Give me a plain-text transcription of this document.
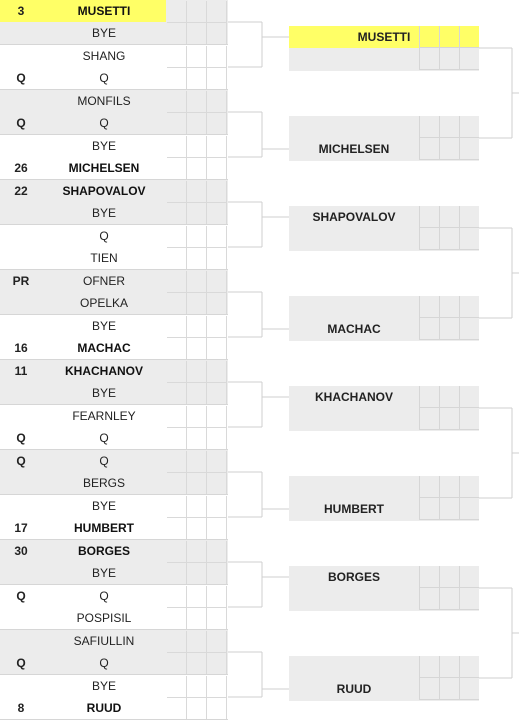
3	MUSETTI
BYE
SHANG
Q	Q
MONFILS
Q	Q
BYE
26	MICHELSEN
22	SHAPOVALOV
BYE
Q
TIEN
PR	OFNER
OPELKA
BYE
16	MACHAC
11	KHACHANOV
BYE
FEARNLEY
Q	Q
Q	Q
BERGS
BYE
17	HUMBERT
30	BORGES
BYE
Q	Q
POSPISIL
SAFIULLIN
Q	Q
BYE
8	RUUD
MUSETTI
MICHELSEN
SHAPOVALOV
MACHAC
KHACHANOV
HUMBERT
BORGES
RUUD
